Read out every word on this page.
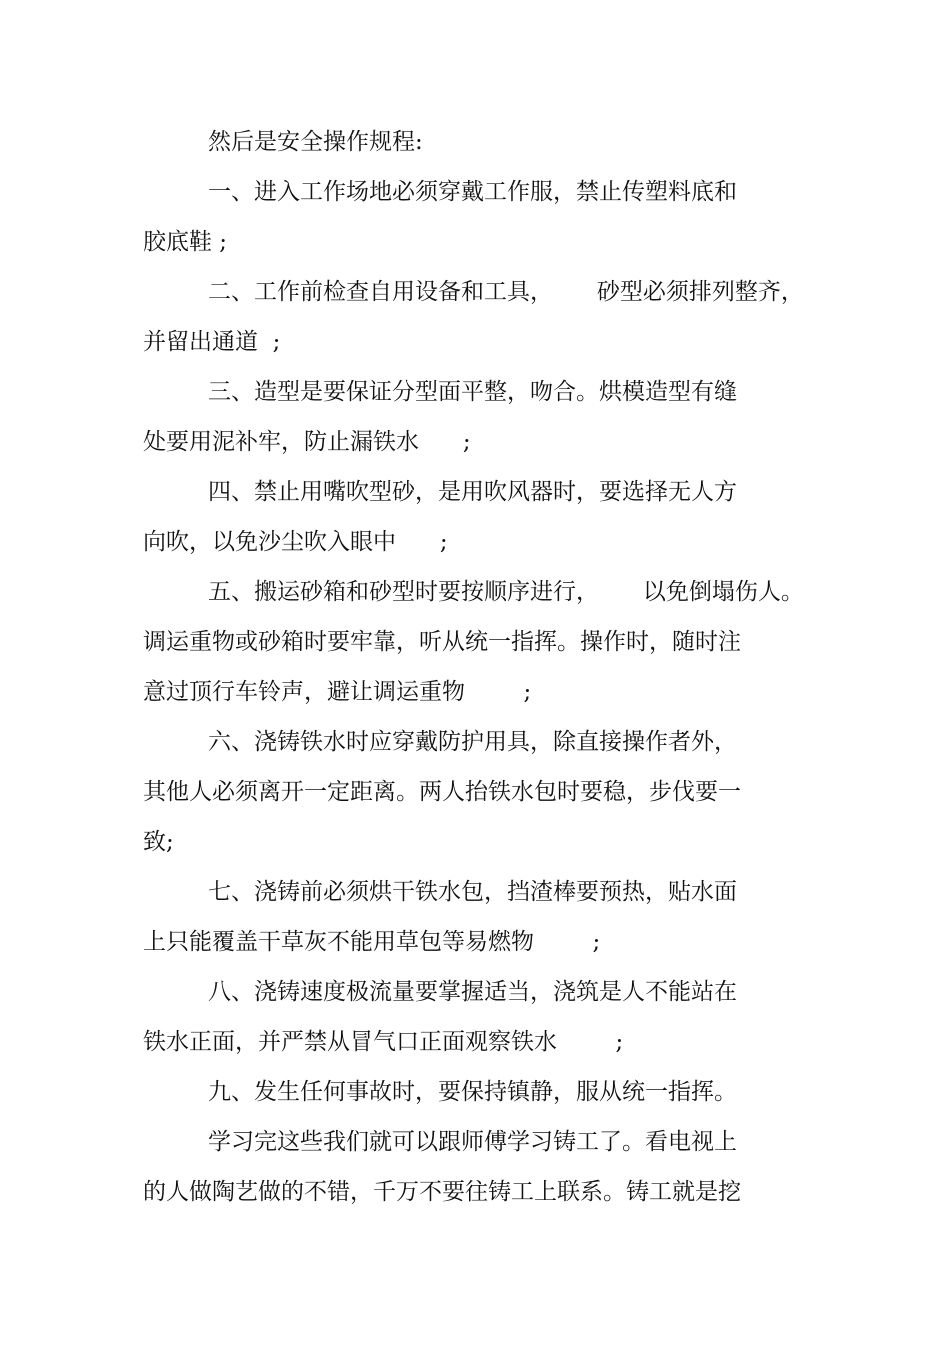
然后是安全操作规程:
一、进入工作场地必须穿戴工作服，禁止传塑料底和
胶底鞋 ;
二、工作前检查自用设备和工具，      砂型必须排列整齐，
并留出通道  ;
三、造型是要保证分型面平整，吻合。烘模造型有缝
处要用泥补牢，防止漏铁水      ;
四、禁止用嘴吹型砂，是用吹风器时，要选择无人方
向吹，以免沙尘吹入眼中      ;
五、搬运砂箱和砂型时要按顺序进行，      以免倒塌伤人。
调运重物或砂箱时要牢靠，听从统一指挥。操作时，随时注
意过顶行车铃声，避让调运重物        ;
六、浇铸铁水时应穿戴防护用具，除直接操作者外，
其他人必须离开一定距离。两人抬铁水包时要稳，步伐要一
致;
七、浇铸前必须烘干铁水包，挡渣棒要预热，贴水面
上只能覆盖干草灰不能用草包等易燃物        ;
八、浇铸速度极流量要掌握适当，浇筑是人不能站在
铁水正面，并严禁从冒气口正面观察铁水        ;
九、发生任何事故时，要保持镇静，服从统一指挥。
学习完这些我们就可以跟师傅学习铸工了。看电视上
的人做陶艺做的不错，千万不要往铸工上联系。铸工就是挖
